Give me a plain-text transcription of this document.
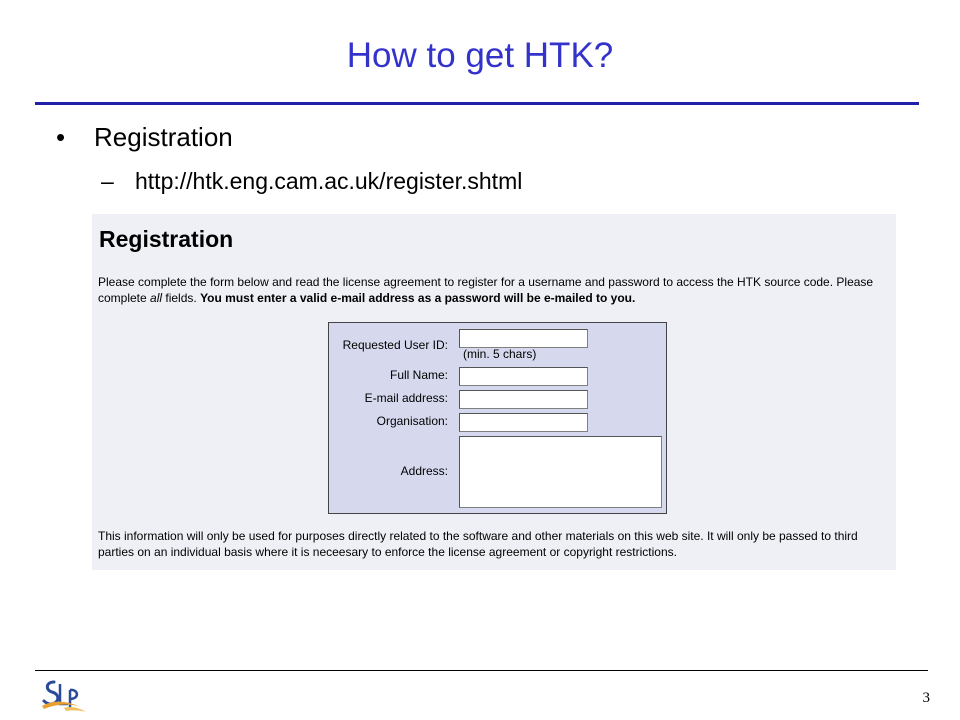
How to get HTK?
• Registration
– http://htk.eng.cam.ac.uk/register.shtml
Registration
Please complete the form below and read the license agreement to register for a username and password to access the HTK source code. Please complete all fields. You must enter a valid e-mail address as a password will be e-mailed to you.
Requested User ID:
(min. 5 chars)
Full Name:
E-mail address:
Organisation:
Address:
This information will only be used for purposes directly related to the software and other materials on this web site. It will only be passed to third parties on an individual basis where it is neceesary to enforce the license agreement or copyright restrictions.
3
